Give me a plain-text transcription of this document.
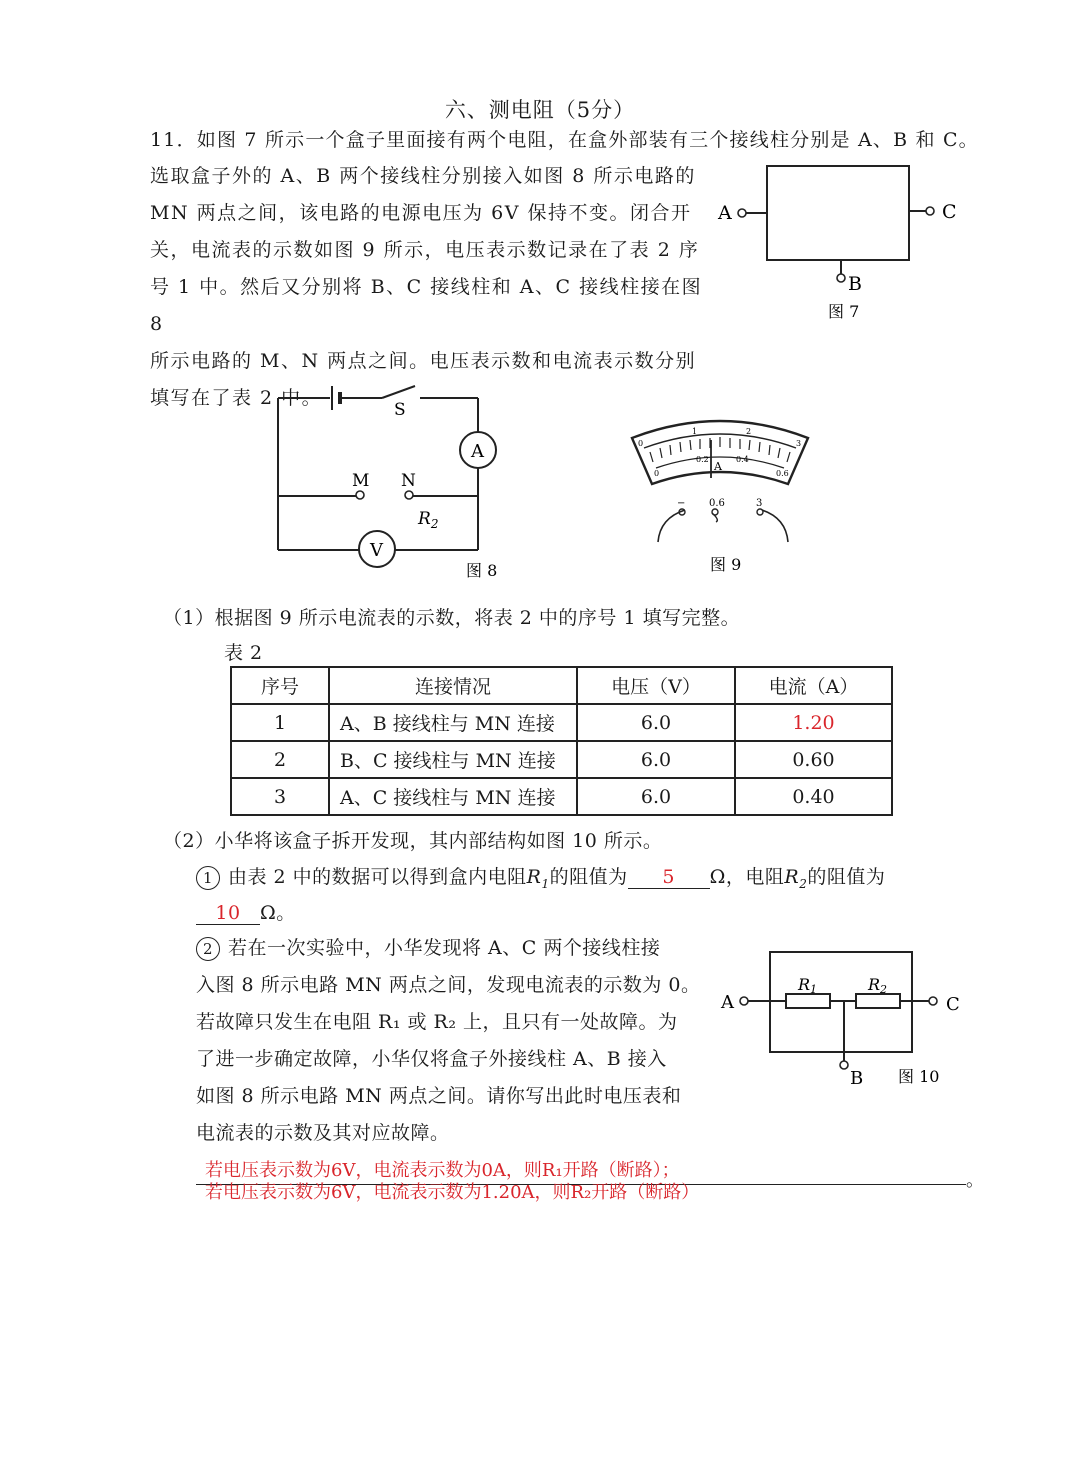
六、测电阻（5分）
11．如图 7 所示一个盒子里面接有两个电阻，在盒外部装有三个接线柱分别是 A、B 和 C。
选取盒子外的 A、B 两个接线柱分别接入如图 8 所示电路的
MN 两点之间，该电路的电源电压为 6V 保持不变。闭合开
关，电流表的示数如图 9 所示，电压表示数记录在了表 2 序
号 1 中。然后又分别将 B、C 接线柱和 A、C 接线柱接在图 8
所示电路的 M、N 两点之间。电压表示数和电流表示数分别
填写在了表 2 中。
A	C
B
图 7
S
A
M N
$R_2$
V
图 8
0
1	2
3
0
0.2	0.4
0.6
A
− 0.6	3
图 9
（1）根据图 9 所示电流表的示数，将表 2 中的序号 1 填写完整。
表 2
序号	连接情况	电压（V）	电流（A）
1	A、B 接线柱与 MN 连接	6.0	1.20
2	B、C 接线柱与 MN 连接	6.0	0.60
3	A、C 接线柱与 MN 连接	6.0	0.40
（2）小华将该盒子拆开发现，其内部结构如图 10 所示。
1 由表 2 中的数据可以得到盒内电阻$R_1$的阻值为 5 Ω，电阻$R_2$的阻值为
10 Ω。
2 若在一次实验中，小华发现将 A、C 两个接线柱接
入图 8 所示电路 MN 两点之间，发现电流表的示数为 0。
若故障只发生在电阻 R₁ 或 R₂ 上，且只有一处故障。为
了进一步确定故障，小华仅将盒子外接线柱 A、B 接入
如图 8 所示电路 MN 两点之间。请你写出此时电压表和
电流表的示数及其对应故障。
A	C
B
R1	R2
图 10
若电压表示数为6V，电流表示数为0A，则R₁开路（断路）；
若电压表示数为6V，电流表示数为1.20A，则R₂开路（断路）
。
